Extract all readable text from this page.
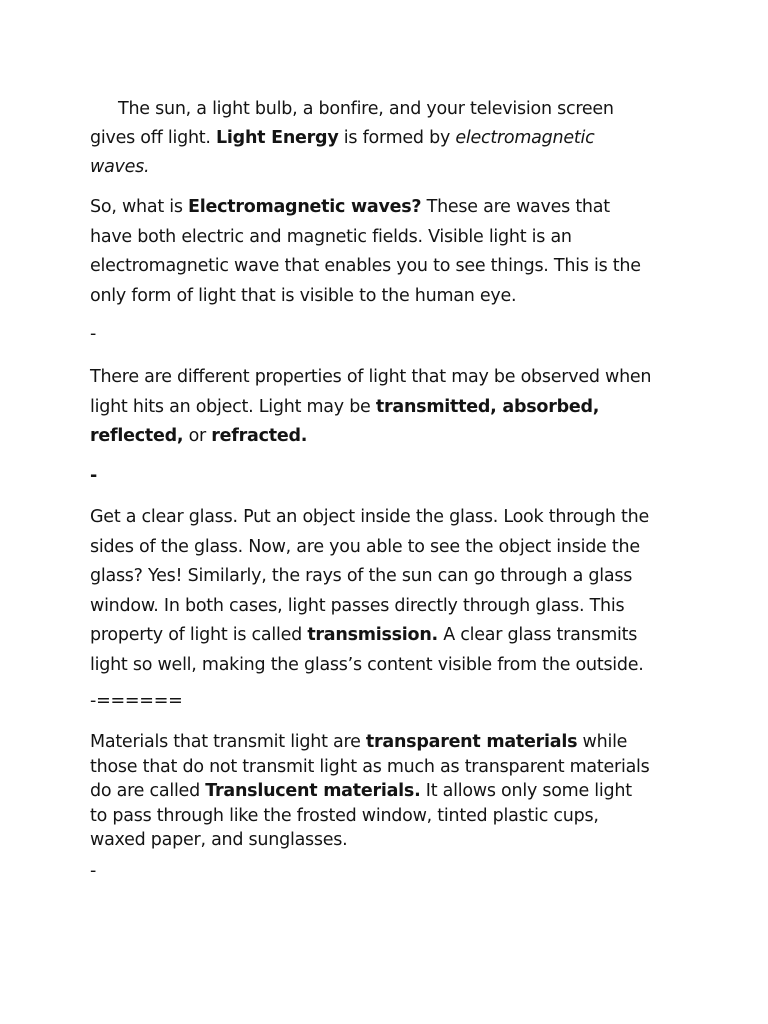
The sun, a light bulb, a bonfire, and your television screen
gives off light. Light Energy is formed by electromagnetic
waves.

So, what is Electromagnetic waves? These are waves that
have both electric and magnetic fields. Visible light is an
electromagnetic wave that enables you to see things. This is the
only form of light that is visible to the human eye.

-

There are different properties of light that may be observed when
light hits an object. Light may be transmitted, absorbed,
reflected, or refracted.

-

Get a clear glass. Put an object inside the glass. Look through the
sides of the glass. Now, are you able to see the object inside the
glass? Yes! Similarly, the rays of the sun can go through a glass
window. In both cases, light passes directly through glass. This
property of light is called transmission. A clear glass transmits
light so well, making the glass’s content visible from the outside.

-======

Materials that transmit light are transparent materials while
those that do not transmit light as much as transparent materials
do are called Translucent materials. It allows only some light
to pass through like the frosted window, tinted plastic cups,
waxed paper, and sunglasses.

-
